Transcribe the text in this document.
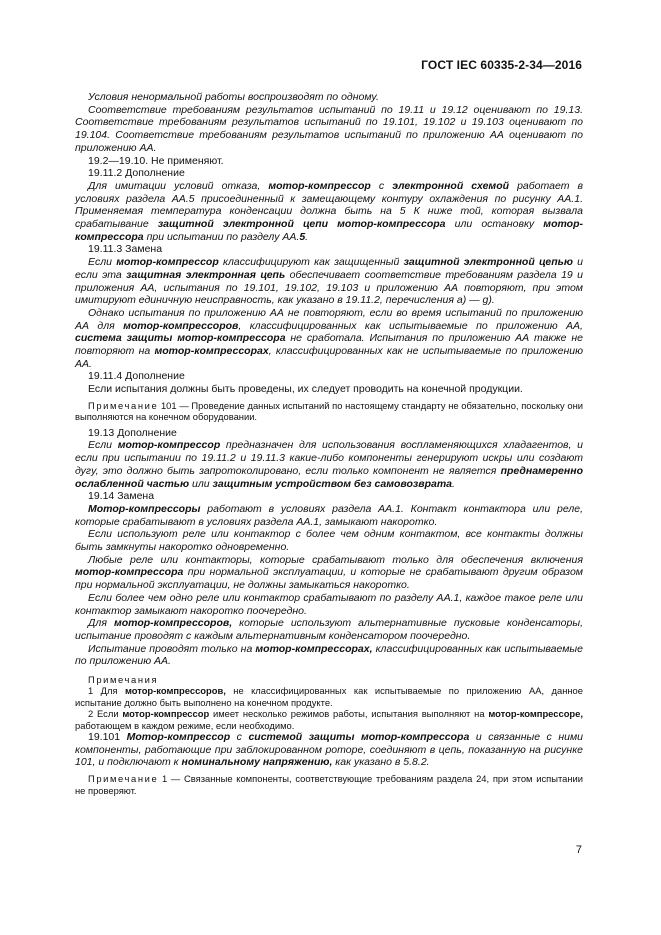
ГОСТ IEC 60335-2-34—2016

Условия ненормальной работы воспроизводят по одному.

Соответствие требованиям результатов испытаний по 19.11 и 19.12 оценивают по 19.13. Соответствие требованиям результатов испытаний по 19.101, 19.102 и 19.103 оценивают по 19.104. Соответствие требованиям результатов испытаний по приложению АА оценивают по приложению АА.

19.2—19.10. Не применяют.

19.11.2 Дополнение

Для имитации условий отказа, мотор-компрессор с электронной схемой работает в условиях раздела АА.5 присоединенный к замещающему контуру охлаждения по рисунку АА.1. Применяемая температура конденсации должна быть на 5 К ниже той, которая вызвала срабатывание защитной электронной цепи мотор-компрессора или остановку мотор-компрессора при испытании по разделу АА.5.

19.11.3 Замена

Если мотор-компрессор классифицируют как защищенный защитной электронной цепью и если эта защитная электронная цепь обеспечивает соответствие требованиям раздела 19 и приложения АА, испытания по 19.101, 19.102, 19.103 и приложению АА повторяют, при этом имитируют единичную неисправность, как указано в 19.11.2, перечисления а) — g).

Однако испытания по приложению АА не повторяют, если во время испытаний по приложению АА для мотор-компрессоров, классифицированных как испытываемые по приложению АА, система защиты мотор-компрессора не сработала. Испытания по приложению АА также не повторяют на мотор-компрессорах, классифицированных как не испытываемые по приложению АА.

19.11.4 Дополнение

Если испытания должны быть проведены, их следует проводить на конечной продукции.

Примечание 101 — Проведение данных испытаний по настоящему стандарту не обязательно, поскольку они выполняются на конечном оборудовании.

19.13 Дополнение

Если мотор-компрессор предназначен для использования воспламеняющихся хладагентов, и если при испытании по 19.11.2 и 19.11.3 какие-либо компоненты генерируют искры или создают дугу, это должно быть запротоколировано, если только компонент не является преднамеренно ослабленной частью или защитным устройством без самовозврата.

19.14 Замена

Мотор-компрессоры работают в условиях раздела АА.1. Контакт контактора или реле, которые срабатывают в условиях раздела АА.1, замыкают накоротко.

Если используют реле или контактор с более чем одним контактом, все контакты должны быть замкнуты накоротко одновременно.

Любые реле или контакторы, которые срабатывают только для обеспечения включения мотор-компрессора при нормальной эксплуатации, и которые не срабатывают другим образом при нормальной эксплуатации, не должны замыкаться накоротко.

Если более чем одно реле или контактор срабатывают по разделу АА.1, каждое такое реле или контактор замыкают накоротко поочередно.

Для мотор-компрессоров, которые используют альтернативные пусковые конденсаторы, испытание проводят с каждым альтернативным конденсатором поочередно.

Испытание проводят только на мотор-компрессорах, классифицированных как испытываемые по приложению АА.

Примечания

1 Для мотор-компрессоров, не классифицированных как испытываемые по приложению АА, данное испытание должно быть выполнено на конечном продукте.

2 Если мотор-компрессор имеет несколько режимов работы, испытания выполняют на мотор-компрессоре, работающем в каждом режиме, если необходимо.

19.101 Мотор-компрессор с системой защиты мотор-компрессора и связанные с ними компоненты, работающие при заблокированном роторе, соединяют в цепь, показанную на рисунке 101, и подключают к номинальному напряжению, как указано в 5.8.2.

Примечание 1 — Связанные компоненты, соответствующие требованиям раздела 24, при этом испытании не проверяют.

7
